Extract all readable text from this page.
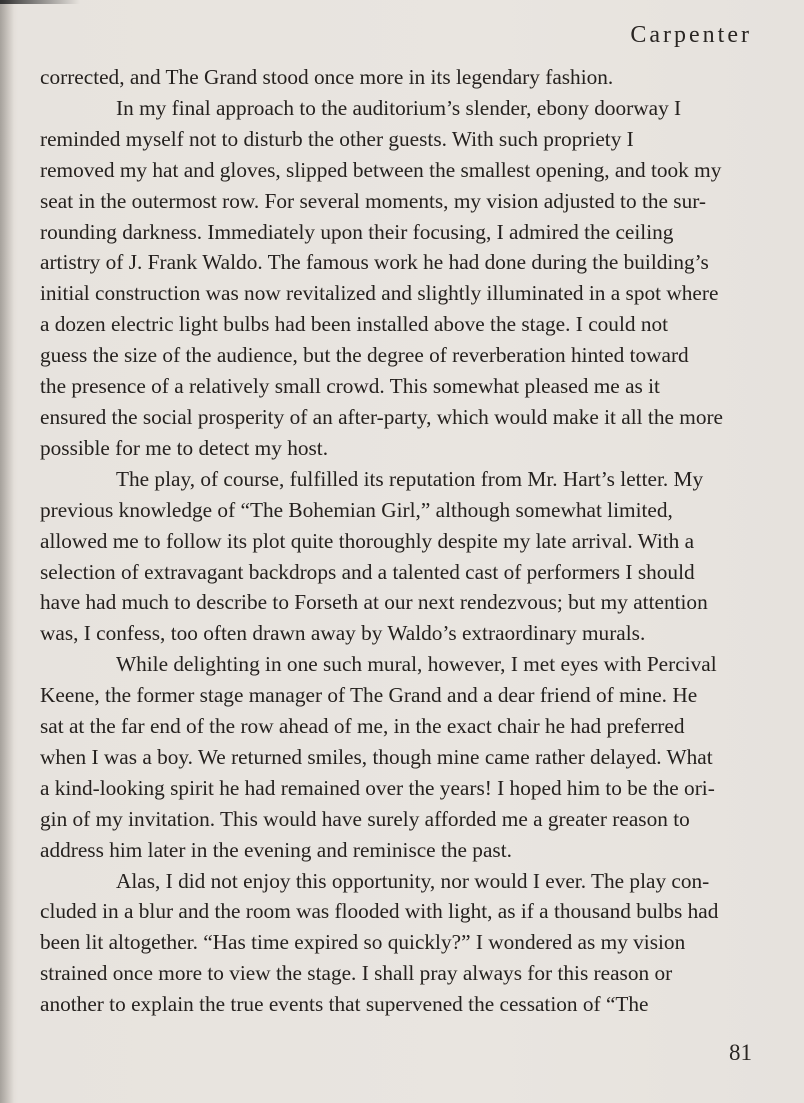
Carpenter
corrected, and The Grand stood once more in its legendary fashion.
In my final approach to the auditorium’s slender, ebony doorway I
reminded myself not to disturb the other guests. With such propriety I
removed my hat and gloves, slipped between the smallest opening, and took my
seat in the outermost row. For several moments, my vision adjusted to the sur-
rounding darkness. Immediately upon their focusing, I admired the ceiling
artistry of J. Frank Waldo. The famous work he had done during the building’s
initial construction was now revitalized and slightly illuminated in a spot where
a dozen electric light bulbs had been installed above the stage. I could not
guess the size of the audience, but the degree of reverberation hinted toward
the presence of a relatively small crowd. This somewhat pleased me as it
ensured the social prosperity of an after-party, which would make it all the more
possible for me to detect my host.
The play, of course, fulfilled its reputation from Mr. Hart’s letter. My
previous knowledge of “The Bohemian Girl,” although somewhat limited,
allowed me to follow its plot quite thoroughly despite my late arrival. With a
selection of extravagant backdrops and a talented cast of performers I should
have had much to describe to Forseth at our next rendezvous; but my attention
was, I confess, too often drawn away by Waldo’s extraordinary murals.
While delighting in one such mural, however, I met eyes with Percival
Keene, the former stage manager of The Grand and a dear friend of mine. He
sat at the far end of the row ahead of me, in the exact chair he had preferred
when I was a boy. We returned smiles, though mine came rather delayed. What
a kind-looking spirit he had remained over the years! I hoped him to be the ori-
gin of my invitation. This would have surely afforded me a greater reason to
address him later in the evening and reminisce the past.
Alas, I did not enjoy this opportunity, nor would I ever. The play con-
cluded in a blur and the room was flooded with light, as if a thousand bulbs had
been lit altogether. “Has time expired so quickly?” I wondered as my vision
strained once more to view the stage. I shall pray always for this reason or
another to explain the true events that supervened the cessation of “The
81
